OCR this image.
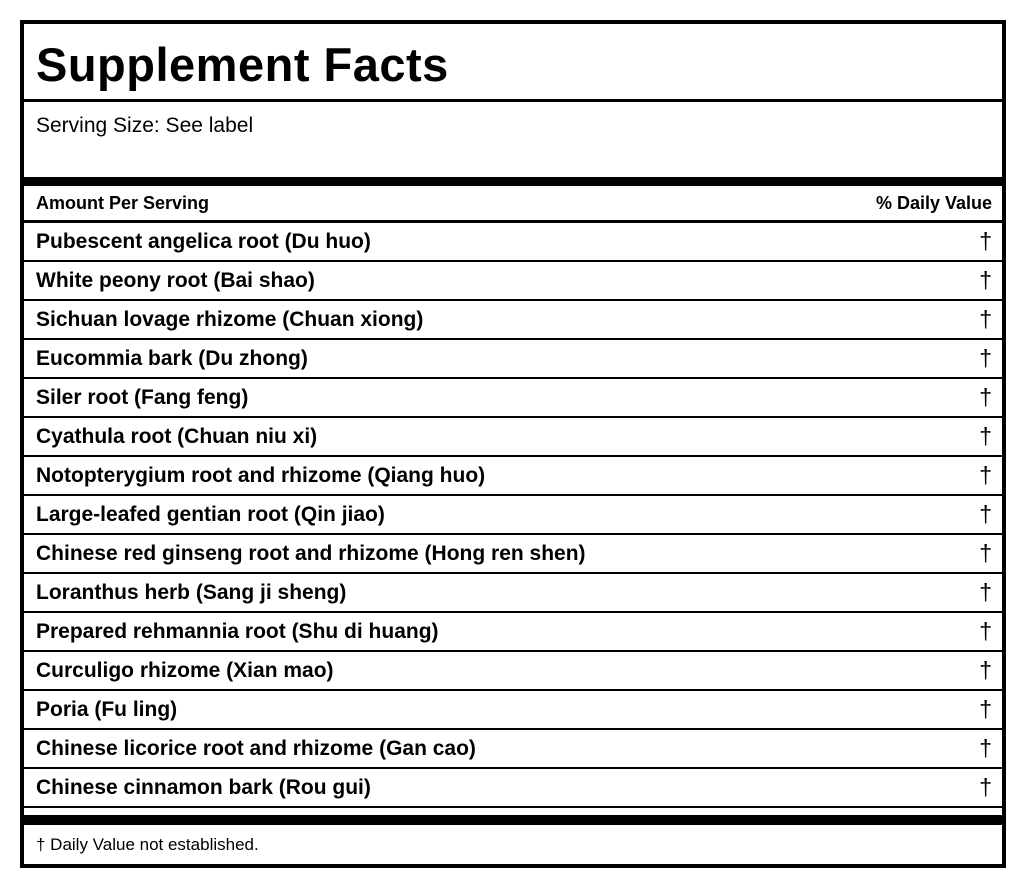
Supplement Facts
Serving Size: See label
Amount Per Serving	% Daily Value
Pubescent angelica root (Du huo)	†
White peony root (Bai shao)	†
Sichuan lovage rhizome (Chuan xiong)	†
Eucommia bark (Du zhong)	†
Siler root (Fang feng)	†
Cyathula root (Chuan niu xi)	†
Notopterygium root and rhizome (Qiang huo)	†
Large-leafed gentian root (Qin jiao)	†
Chinese red ginseng root and rhizome (Hong ren shen)	†
Loranthus herb (Sang ji sheng)	†
Prepared rehmannia root (Shu di huang)	†
Curculigo rhizome (Xian mao)	†
Poria (Fu ling)	†
Chinese licorice root and rhizome (Gan cao)	†
Chinese cinnamon bark (Rou gui)	†
† Daily Value not established.
